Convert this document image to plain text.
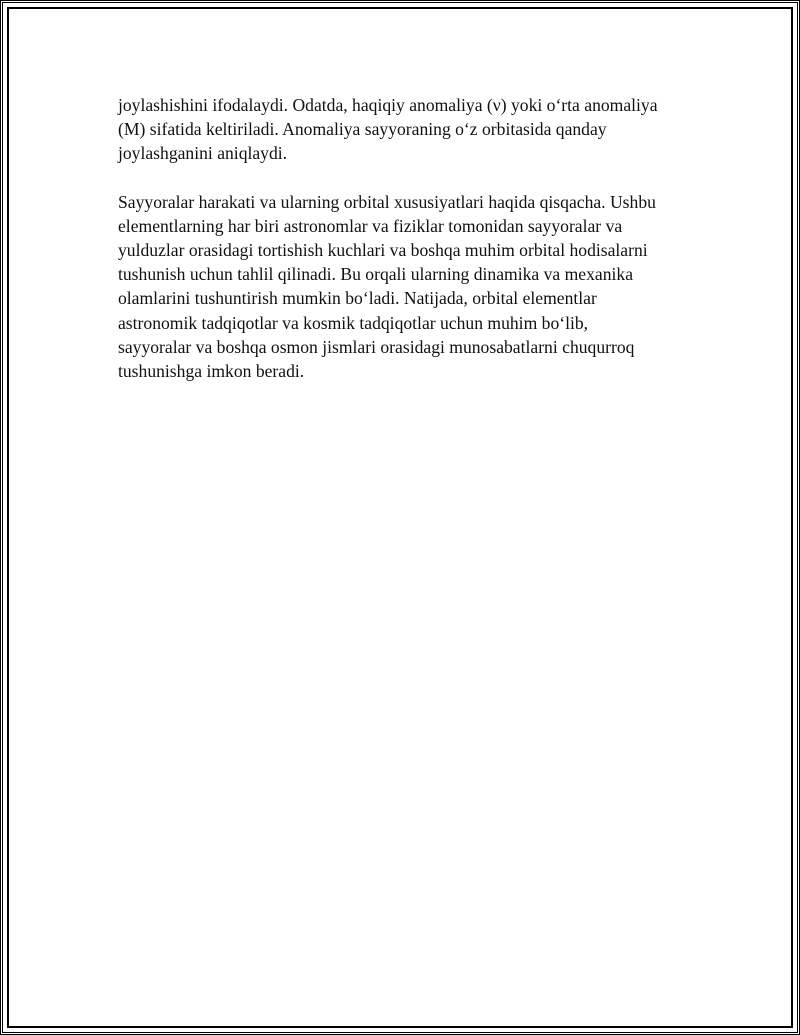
joylashishini ifodalaydi. Odatda, haqiqiy anomaliya (ν) yoki oʻrta anomaliya
(M) sifatida keltiriladi. Anomaliya sayyoraning oʻz orbitasida qanday
joylashganini aniqlaydi.

Sayyoralar harakati va ularning orbital xususiyatlari haqida qisqacha. Ushbu
elementlarning har biri astronomlar va fiziklar tomonidan sayyoralar va
yulduzlar orasidagi tortishish kuchlari va boshqa muhim orbital hodisalarni
tushunish uchun tahlil qilinadi. Bu orqali ularning dinamika va mexanika
olamlarini tushuntirish mumkin boʻladi. Natijada, orbital elementlar
astronomik tadqiqotlar va kosmik tadqiqotlar uchun muhim boʻlib,
sayyoralar va boshqa osmon jismlari orasidagi munosabatlarni chuqurroq
tushunishga imkon beradi.
